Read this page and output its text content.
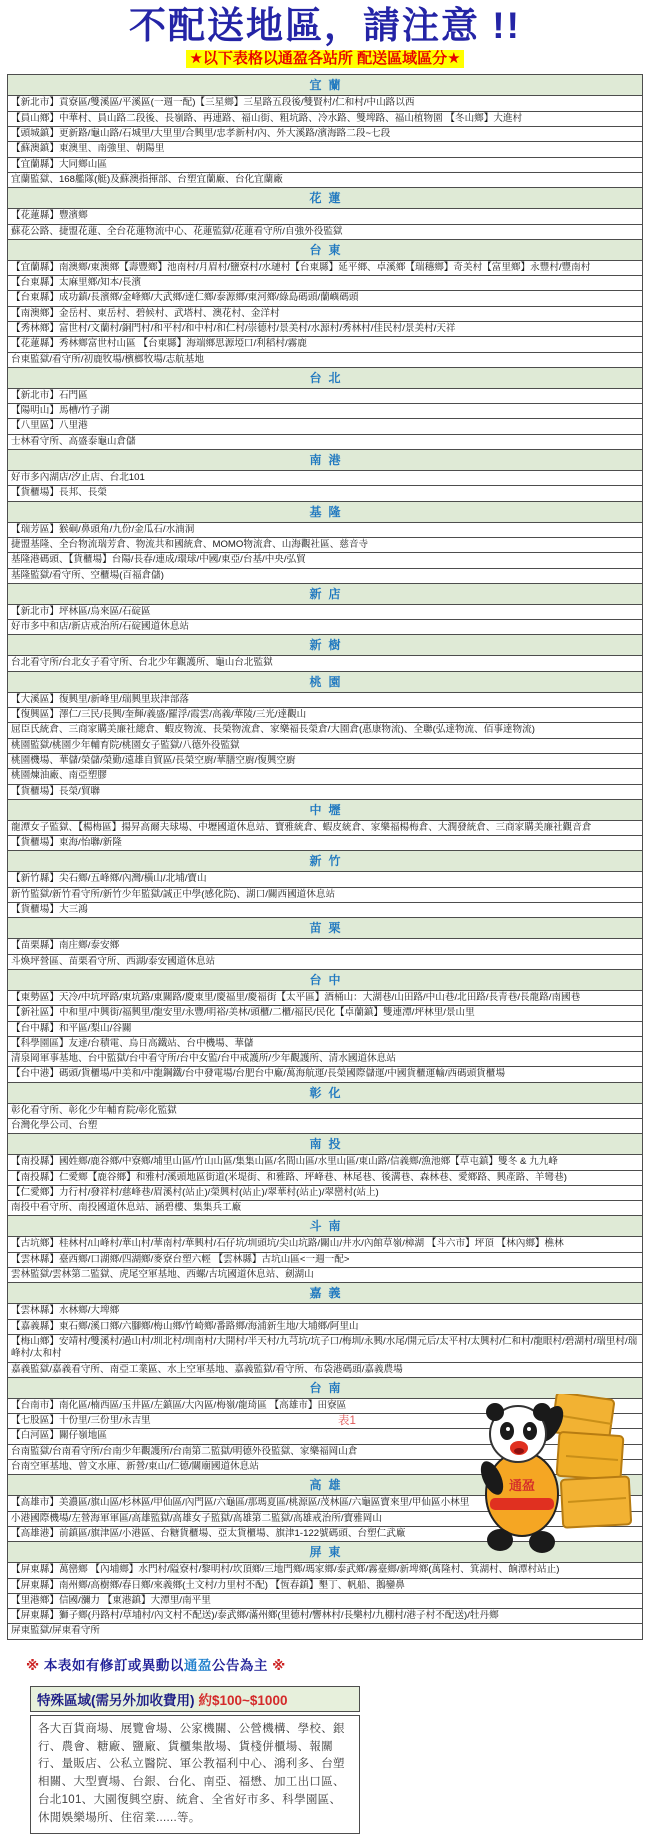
不配送地區，請注意 !!
★以下表格以通盈各站所 配送區域區分★
宜蘭
【新北市】貢寮區/雙溪區/平溪區(一週一配)【三星鄉】三星路五段後/雙賢村/仁和村/中山路以西
【員山鄉】中華村、員山路二段後、長嶺路、再連路、福山街、粗坑路、冷水路、雙埤路、福山植物園 【冬山鄉】大進村
【頭城鎮】更新路/龜山路/石城里/大里里/合興里/忠孝新村/內、外大溪路/濱海路二段~七段
【蘇澳鎮】東澳里、南強里、朝陽里
【宜蘭縣】大同鄉山區
宜蘭監獄、168艦隊(艇)及蘇澳指揮部、台塑宜蘭廠、台化宜蘭廠
花蓮
【花蓮縣】豐濱鄉
蘇花公路、捷盟花蓮、全台花蓮物流中心、花蓮監獄/花蓮看守所/自強外役監獄
台東
【宜蘭縣】南澳鄉/東澳鄉【壽豐鄉】池南村/月眉村/鹽寮村/水璉村【台東縣】延平鄉、卓溪鄉【瑞穗鄉】奇美村【富里鄉】永豐村/豐南村
【台東縣】太麻里鄉/知本/長濱
【台東縣】成功鎮/長濱鄉/金峰鄉/大武鄉/達仁鄉/泰源鄉/東河鄉/綠島碼頭/蘭嶼碼頭
【南澳鄉】金岳村、東岳村、碧候村、武塔村、澳花村、金洋村
【秀林鄉】富世村/文蘭村/銅門村/和平村/和中村/和仁村/崇德村/景美村/水源村/秀林村/佳民村/景美村/天祥
【花蓮縣】秀林鄉富世村山區 【台東縣】海端鄉思源埡口/利稻村/霧鹿
台東監獄/看守所/初鹿牧場/檳榔牧場/志航基地
台北
【新北市】石門區
【陽明山】馬槽/竹子湖
【八里區】八里港
士林看守所、高盛泰龜山倉儲
南港
好市多內湖店/汐止店、台北101
【貨櫃場】長邦、長榮
基隆
【瑞芳區】猴硐/鼻頭角/九份/金瓜石/水湳洞
捷盟基隆、全台物流瑞芳倉、物流共和國統倉、MOMO物流倉、山海觀社區、慈音寺
基隆港碼頭、【貨櫃場】台陽/長春/連成/環球/中國/東亞/台基/中央/弘貿
基隆監獄/看守所、空櫃場(百福倉儲)
新店
【新北市】坪林區/烏來區/石碇區
好市多中和店/新店戒治所/石碇國道休息站
新樹
台北看守所/台北女子看守所、台北少年觀護所、龜山台北監獄
桃園
【大溪區】復興里/新峰里/瑞興里崁津部落
【復興區】澤仁/三民/長興/奎輝/義盛/羅浮/霞雲/高義/華陵/三光/達觀山
屈臣氏統倉、三商家購美廉社總倉、蝦皮物流、長榮物流倉、家樂福長榮倉/大園倉(惠康物流)、全聯(弘達物流、佰事達物流)
桃園監獄/桃園少年輔育院/桃園女子監獄/八德外役監獄
桃園機場、華儲/榮儲/榮勤/遠雄自貿區/長榮空廚/華膳空廚/復興空廚
桃園煉油廠、南亞塑膠
【貨櫃場】長榮/貿聯
中壢
龍潭女子監獄、【楊梅區】揚昇高爾夫球場、中壢國道休息站、寶雅統倉、蝦皮統倉、家樂福楊梅倉、大潤發統倉、三商家購美廉社觀音倉
【貨櫃場】東海/怡聯/新隆
新竹
【新竹縣】尖石鄉/五峰鄉/內灣/橫山/北埔/寶山
新竹監獄/新竹看守所/新竹少年監獄/誠正中學(感化院)、湖口/關西國道休息站
【貨櫃場】大三鴻
苗栗
【苗栗縣】南庄鄉/泰安鄉
斗煥坪營區、苗栗看守所、西湖/泰安國道休息站
台中
【東勢區】天冷/中坑坪路/東坑路/東關路/慶東里/慶福里/慶福街【太平區】酒桶山：大湖巷/山田路/中山巷/北田路/長青巷/長龍路/南國巷
【新社區】中和里/中興街/福興里/龍安里/永豐/明裕/美林/頭櫃/二櫃/福民/民化【卓蘭鎮】雙連潭/坪林里/景山里
【台中縣】和平區/梨山/谷關
【科學園區】友達/台積電、烏日高鐵站、台中機場、華儲
清泉岡軍事基地、台中監獄/台中看守所/台中女監/台中戒護所/少年觀護所、清水國道休息站
【台中港】碼頭/貨櫃場/中美和/中龍鋼鐵/台中發電場/台肥台中廠/萬海航運/長榮國際儲運/中國貨櫃運輸/西碼頭貨櫃場
彰化
彰化看守所、彰化少年輔育院/彰化監獄
台灣化學公司、台塑
南投
【南投縣】國姓鄉/鹿谷鄉/中寮鄉/埔里山區/竹山山區/集集山區/名間山區/水里山區/東山路/信義鄉/漁池鄉【草屯鎮】雙冬 & 九九峰
【南投縣】仁愛鄉【鹿谷鄉】和雅村/溪頭地區街道(米堤街、和雅路、坪峰巷、林尾巷、後溝巷、森林巷、愛鄉路、興產路、羊彎巷)
【仁愛鄉】力行村/發祥村/慈峰巷/眉溪村(站止)/榮興村(站止)/翠華村(站止)/翠巒村(站上)
南投中看守所、南投國道休息站、涵碧樓、集集兵工廠
斗南
【古坑鄉】桂林村/山峰村/華山村/華南村/華興村/石仔坑/圳頭坑/尖山坑路/關山/井水/內館草嶺/樟湖 【斗六市】坪頂 【林內鄉】樵林
【雲林縣】臺西鄉/口湖鄉/四湖鄉/麥寮台塑六輕 【雲林縣】古坑山區<一週一配>
雲林監獄/雲林第二監獄、虎尾空軍基地、西螺/古坑國道休息站、劍湖山
嘉義
【雲林縣】水林鄉/大埤鄉
【嘉義縣】東石鄉/溪口鄉/六腳鄉/梅山鄉/竹崎鄉/番路鄉/海浦新生地/大埔鄉/阿里山
【梅山鄉】安靖村/雙溪村/過山村/圳北村/圳南村/大開村/半天村/九芎坑/坑子口/梅圳/永興/水尾/開元后/太平村/太興村/仁和村/龍眼村/碧湖村/瑞里村/瑞峰村/太和村
嘉義監獄/嘉義看守所、南亞工業區、水上空軍基地、嘉義監獄/看守所、布袋港碼頭/嘉義農場
台南
【台南市】南化區/楠西區/玉井區/左鎮區/大內區/梅嶺/龍琦區 【高雄市】田寮區
【七股區】十份里/三份里/永吉里
【白河區】關仔嶺地區
台南監獄/台南看守所/台南少年觀護所/台南第二監獄/明德外役監獄、家樂福岡山倉
台南空軍基地、曾文水庫、新營/東山/仁德/關廟國道休息站
高雄
【高雄市】美濃區/旗山區/杉林區/甲仙區/內門區/六龜區/那瑪夏區/桃源區/茂林區/六龜區寶來里/甲仙區小林里
小港國際機場/左營海軍軍區/高雄監獄/高雄女子監獄/高雄第二監獄/高雄戒治所/寶雅岡山
【高雄港】前鎮區/旗津區/小港區、台糖貨櫃場、亞太貨櫃場、旗津1-122號碼頭、台塑仁武廠
屏東
【屏東縣】萬巒鄉 【內埔鄉】水門村/隘寮村/黎明村/坎頂鄉/三地門鄉/瑪家鄉/泰武鄉/霧臺鄉/新埤鄉(萬隆村、箕湖村、餉潭村站止)
【屏東縣】南州鄉/高樹鄉/春日鄉/來義鄉(土文村/力里村不配) 【恆春鎮】墾丁、帆船、鵝鑾鼻
【里港鄉】信國/瀰力 【東港鎮】大潭里/南平里
【屏東縣】獅子鄉(丹路村/草埔村/內文村不配送)/泰武鄉/滿州鄉(里德村/響林村/長樂村/九棚村/港子村不配送)/牡丹鄉
屏東監獄/屏東看守所
※ 本表如有修訂或異動以通盈公告為主 ※
表1
特殊區域(需另外加收費用) 約$100~$1000
各大百貨商場、展覽會場、公家機關、公營機構、學校、銀行、農會、糖廠、鹽廠、貨櫃集散場、貨棧併櫃場、報關行、量販店、公私立醫院、軍公教福利中心、鴻利多、台塑相關、大型賣場、台銀、台化、南亞、福懋、加工出口區、台北101、大園復興空廚、統倉、全省好市多、科學園區、休閒娛樂場所、住宿業......等。
通盈
